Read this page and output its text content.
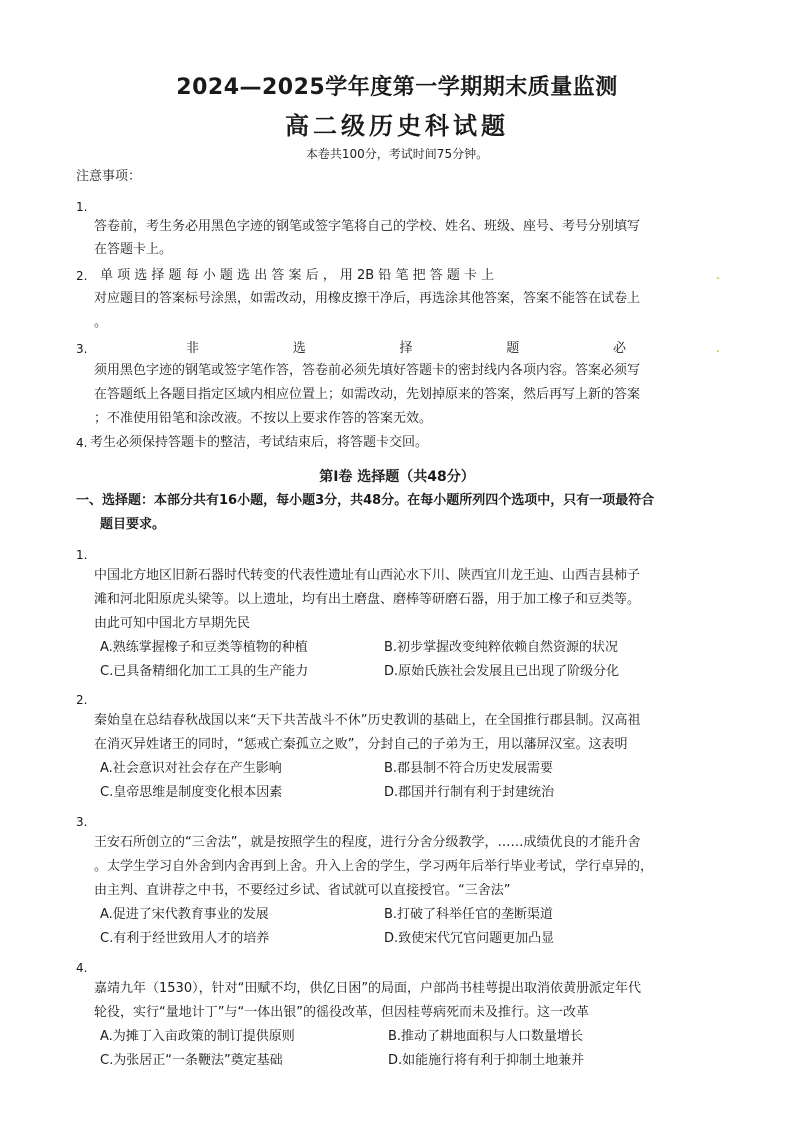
2024—2025学年度第一学期期末质量监测
高二级历史科试题
本卷共100分，考试时间75分钟。
注意事项：
1.
答卷前，考生务必用黑色字迹的钢笔或签字笔将自己的学校、姓名、班级、座号、考号分别填写
在答题卡上。
2. 单 项 选 择 题 每 小 题 选 出 答 案 后 ， 用 2B 铅 笔 把 答 题 卡 上	.
对应题目的答案标号涂黑，如需改动，用橡皮擦干净后，再选涂其他答案，答案不能答在试卷上
。
3.	非	选	择	题	必	.
须用黑色字迹的钢笔或签字笔作答，答卷前必须先填好答题卡的密封线内各项内容。答案必须写
在答题纸上各题目指定区域内相应位置上；如需改动，先划掉原来的答案，然后再写上新的答案
；不准使用铅笔和涂改液。不按以上要求作答的答案无效。
4. 考生必须保持答题卡的整洁，考试结束后，将答题卡交回。
第Ⅰ卷 选择题（共48分）
一、选择题：本部分共有16小题，每小题3分，共48分。在每小题所列四个选项中，只有一项最符合
题目要求。
1.
中国北方地区旧新石器时代转变的代表性遗址有山西沁水下川、陕西宜川龙王辿、山西吉县柿子
滩和河北阳原虎头梁等。以上遗址，均有出土磨盘、磨棒等研磨石器，用于加工橡子和豆类等。
由此可知中国北方早期先民
A.熟练掌握橡子和豆类等植物的种植	B.初步掌握改变纯粹依赖自然资源的状况
C.已具备精细化加工工具的生产能力	D.原始氏族社会发展且已出现了阶级分化
2.
秦始皇在总结春秋战国以来“天下共苦战斗不休”历史教训的基础上，在全国推行郡县制。汉高祖
在消灭异姓诸王的同时，“惩戒亡秦孤立之败”，分封自己的子弟为王，用以藩屏汉室。这表明
A.社会意识对社会存在产生影响	B.郡县制不符合历史发展需要
C.皇帝思维是制度变化根本因素	D.郡国并行制有利于封建统治
3.
王安石所创立的“三舍法”，就是按照学生的程度，进行分舍分级教学，……成绩优良的才能升舍
。太学生学习自外舍到内舍再到上舍。升入上舍的学生，学习两年后举行毕业考试，学行卓异的，
由主判、直讲荐之中书，不要经过乡试、省试就可以直接授官。“三舍法”
A.促进了宋代教育事业的发展	B.打破了科举任官的垄断渠道
C.有利于经世致用人才的培养	D.致使宋代冗官问题更加凸显
4.
嘉靖九年（1530），针对“田赋不均，供亿日困”的局面，户部尚书桂萼提出取消依黄册派定年代
轮役，实行“量地计丁”与“一体出银”的徭役改革，但因桂萼病死而未及推行。这一改革
A.为摊丁入亩政策的制订提供原则	B.推动了耕地面积与人口数量增长
C.为张居正“一条鞭法”奠定基础	D.如能施行将有利于抑制土地兼并
